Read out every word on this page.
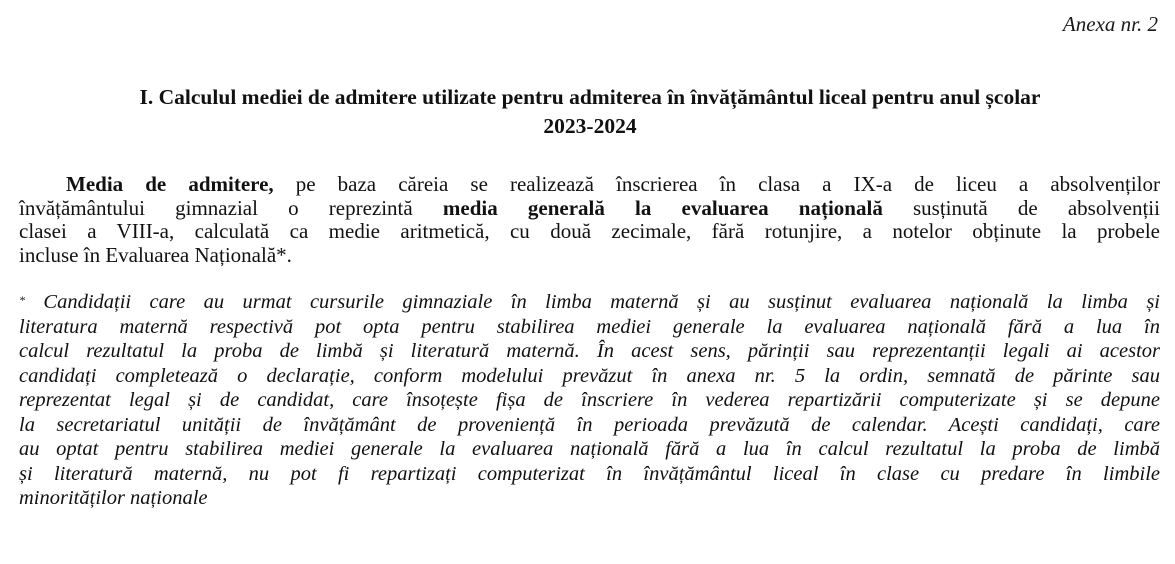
Anexa nr. 2
I. Calculul mediei de admitere utilizate pentru admiterea în învățământul liceal pentru anul școlar
2023-2024
Media de admitere, pe baza căreia se realizează înscrierea în clasa a IX-a de liceu a absolvenților
învățământului gimnazial o reprezintă media generală la evaluarea națională susținută de absolvenții
clasei a VIII-a, calculată ca medie aritmetică, cu două zecimale, fără rotunjire, a notelor obținute la probele
incluse în Evaluarea Națională*.
* Candidații care au urmat cursurile gimnaziale în limba maternă și au susținut evaluarea națională la limba și
literatura maternă respectivă pot opta pentru stabilirea mediei generale la evaluarea națională fără a lua în
calcul rezultatul la proba de limbă și literatură maternă. În acest sens, părinții sau reprezentanții legali ai acestor
candidați completează o declarație, conform modelului prevăzut în anexa nr. 5 la ordin, semnată de părinte sau
reprezentat legal și de candidat, care însoțește fișa de înscriere în vederea repartizării computerizate și se depune
la secretariatul unității de învățământ de proveniență în perioada prevăzută de calendar. Acești candidați, care
au optat pentru stabilirea mediei generale la evaluarea națională fără a lua în calcul rezultatul la proba de limbă
și literatură maternă, nu pot fi repartizați computerizat în învățământul liceal în clase cu predare în limbile
minorităților naționale
